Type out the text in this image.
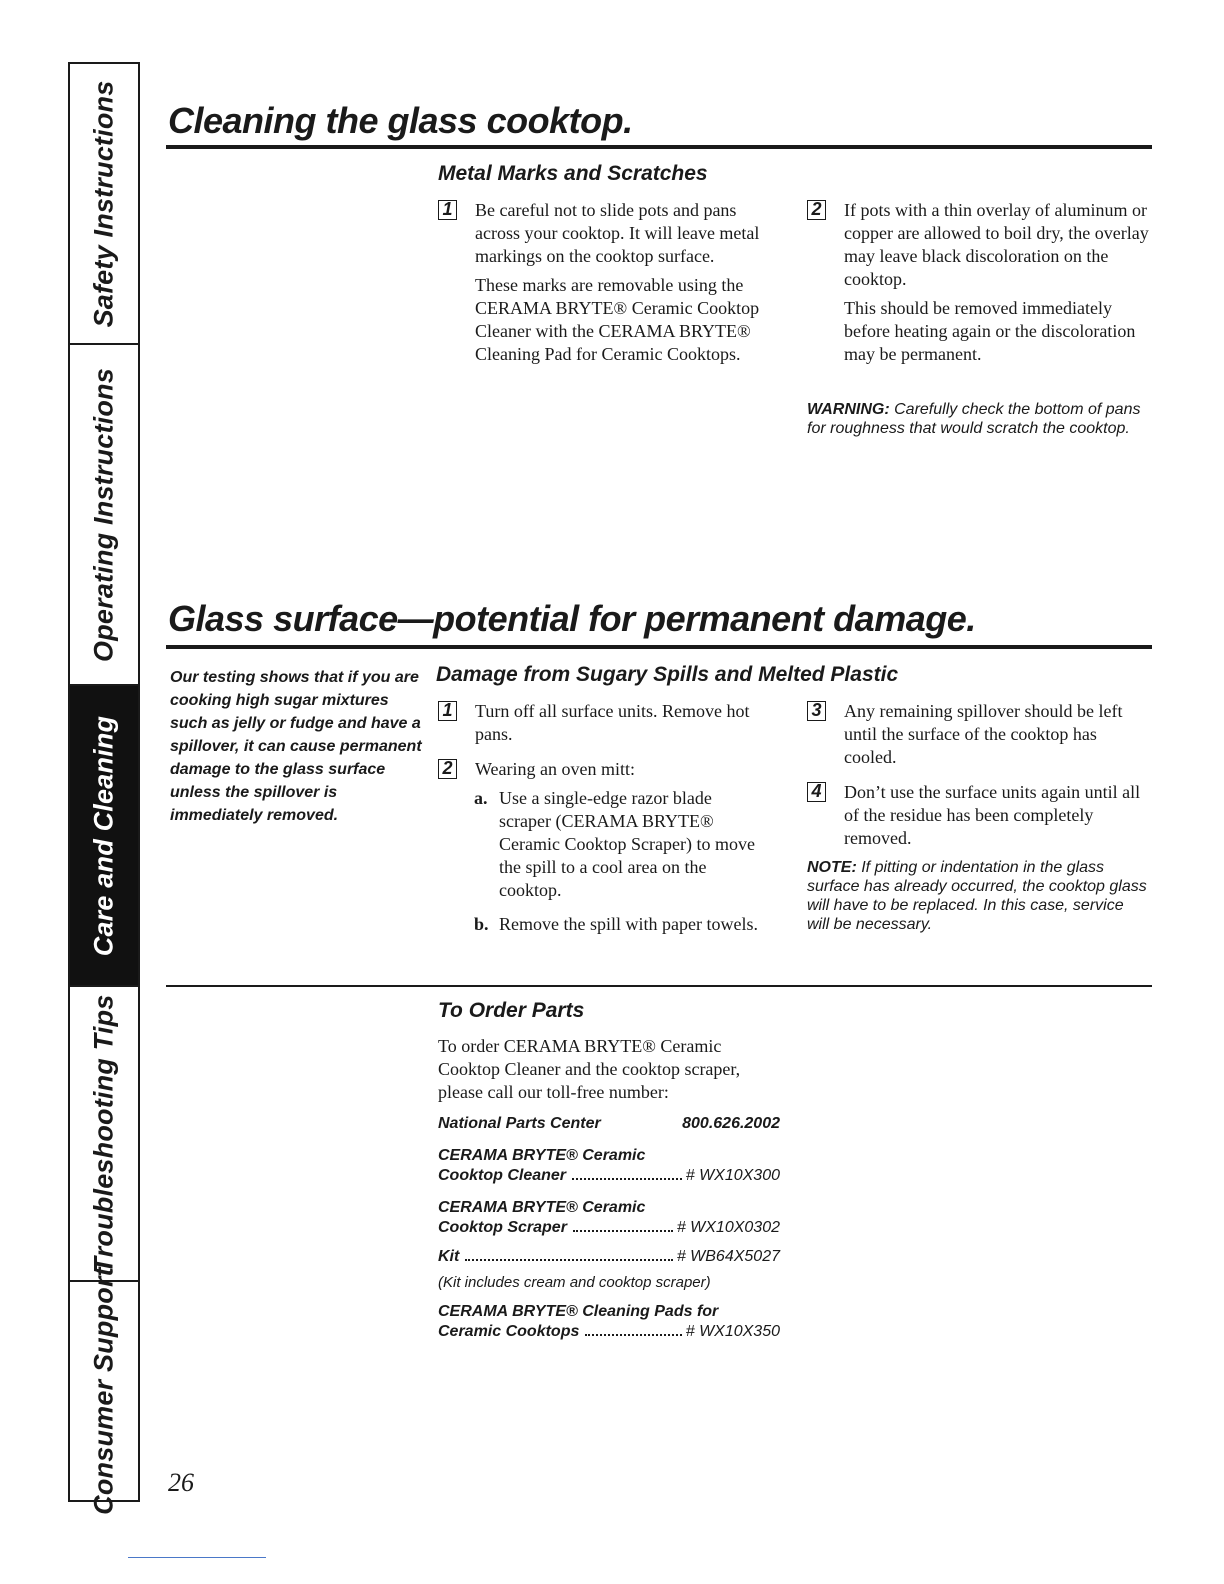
Safety Instructions
Operating Instructions
Care and Cleaning
Troubleshooting Tips
Consumer Support
Cleaning the glass cooktop.
Metal Marks and Scratches
1 Be careful not to slide pots and pans across your cooktop. It will leave metal markings on the cooktop surface.

These marks are removable using the CERAMA BRYTE® Ceramic Cooktop Cleaner with the CERAMA BRYTE® Cleaning Pad for Ceramic Cooktops.

2 If pots with a thin overlay of aluminum or copper are allowed to boil dry, the overlay may leave black discoloration on the cooktop.

This should be removed immediately before heating again or the discoloration may be permanent.

WARNING: Carefully check the bottom of pans for roughness that would scratch the cooktop.
Glass surface—potential for permanent damage.
Our testing shows that if you are cooking high sugar mixtures such as jelly or fudge and have a spillover, it can cause permanent damage to the glass surface unless the spillover is immediately removed.
Damage from Sugary Spills and Melted Plastic
1 Turn off all surface units. Remove hot pans.

2 Wearing an oven mitt:

a. Use a single-edge razor blade scraper (CERAMA BRYTE® Ceramic Cooktop Scraper) to move the spill to a cool area on the cooktop.

b. Remove the spill with paper towels.

3 Any remaining spillover should be left until the surface of the cooktop has cooled.

4 Don’t use the surface units again until all of the residue has been completely removed.

NOTE: If pitting or indentation in the glass surface has already occurred, the cooktop glass will have to be replaced. In this case, service will be necessary.
To Order Parts
To order CERAMA BRYTE® Ceramic Cooktop Cleaner and the cooktop scraper, please call our toll-free number:
National Parts Center	800.626.2002
CERAMA BRYTE® Ceramic
Cooktop Cleaner	# WX10X300
CERAMA BRYTE® Ceramic
Cooktop Scraper	# WX10X0302
Kit	# WB64X5027
(Kit includes cream and cooktop scraper)
CERAMA BRYTE® Cleaning Pads for
Ceramic Cooktops	# WX10X350
26
